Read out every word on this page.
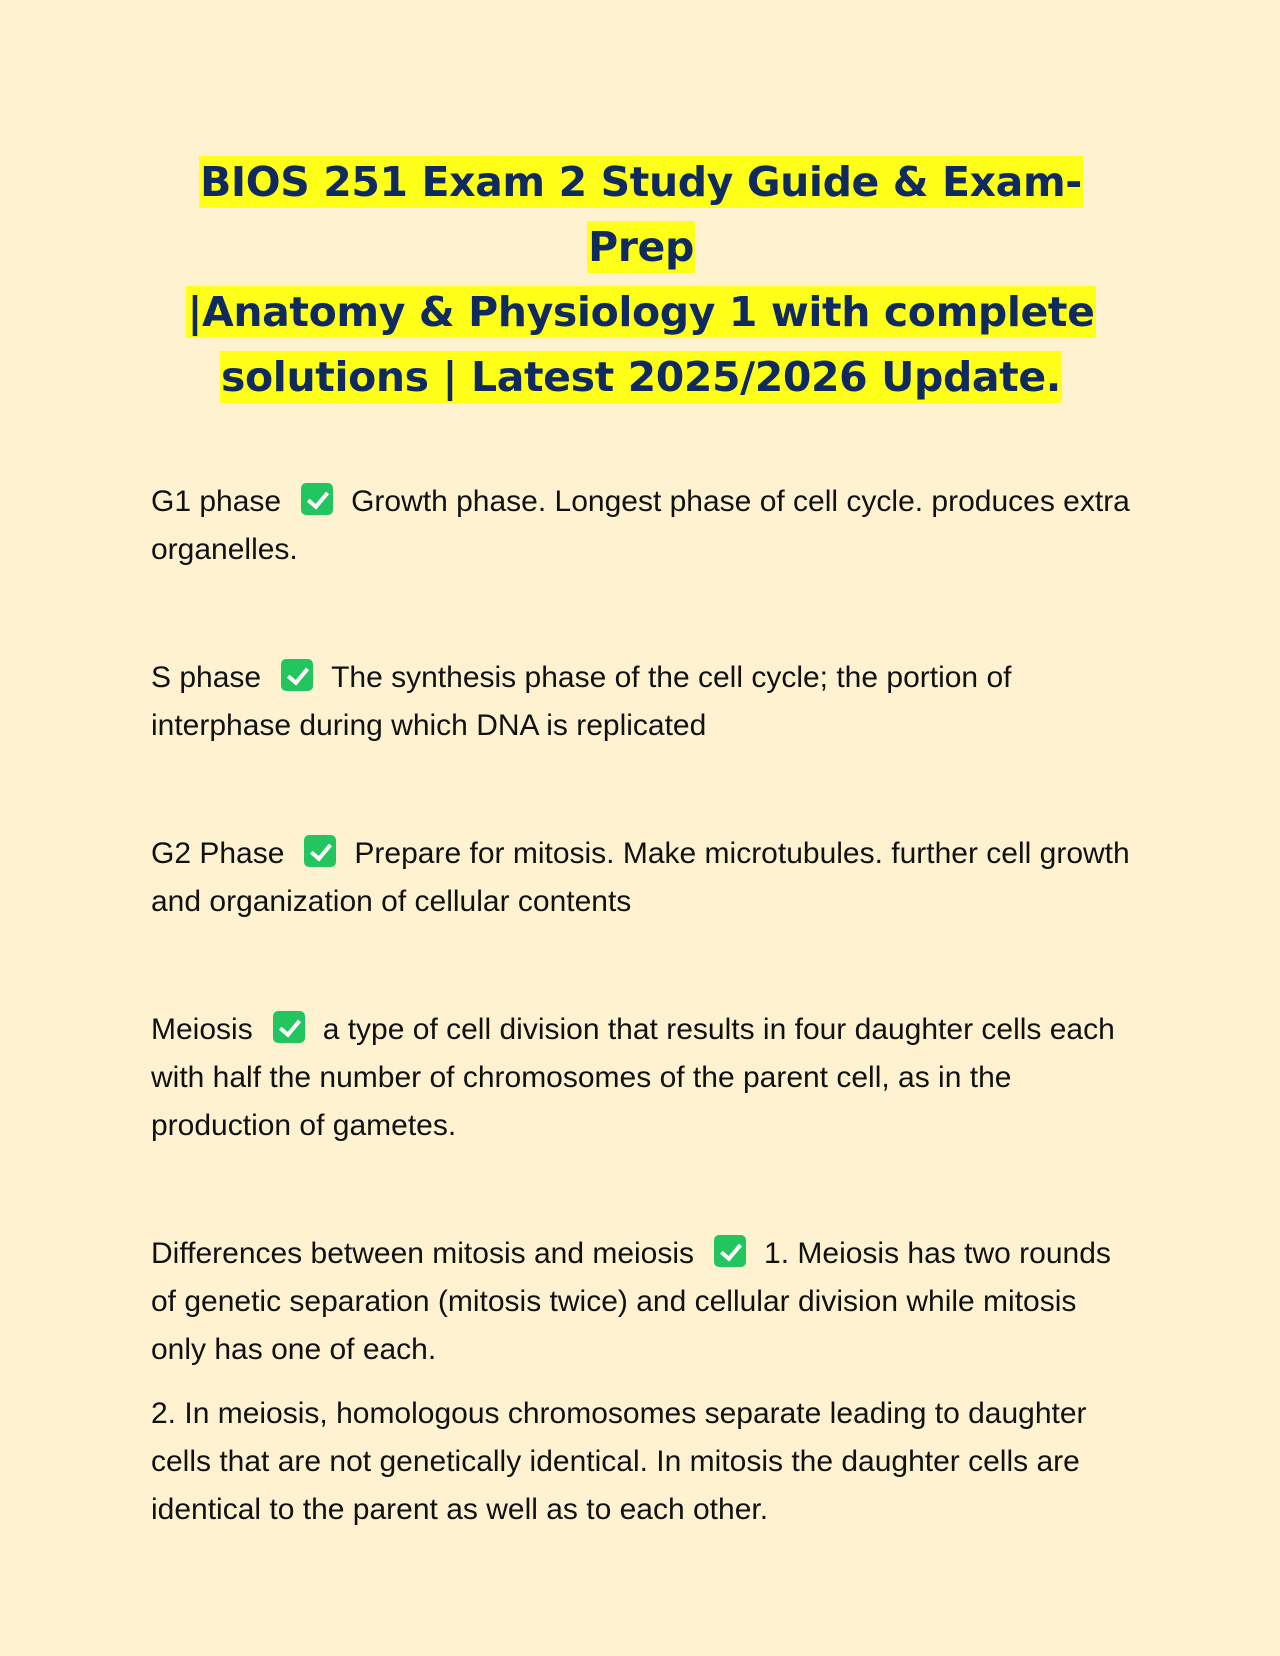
BIOS 251 Exam 2 Study Guide & Exam-Prep
|Anatomy & Physiology 1 with complete
solutions | Latest 2025/2026 Update.

G1 phase Growth phase. Longest phase of cell cycle. produces extra organelles.

S phase The synthesis phase of the cell cycle; the portion of interphase during which DNA is replicated

G2 Phase Prepare for mitosis. Make microtubules. further cell growth and organization of cellular contents

Meiosis a type of cell division that results in four daughter cells each with half the number of chromosomes of the parent cell, as in the production of gametes.

Differences between mitosis and meiosis 1. Meiosis has two rounds of genetic separation (mitosis twice) and cellular division while mitosis only has one of each.

2. In meiosis, homologous chromosomes separate leading to daughter cells that are not genetically identical. In mitosis the daughter cells are identical to the parent as well as to each other.
